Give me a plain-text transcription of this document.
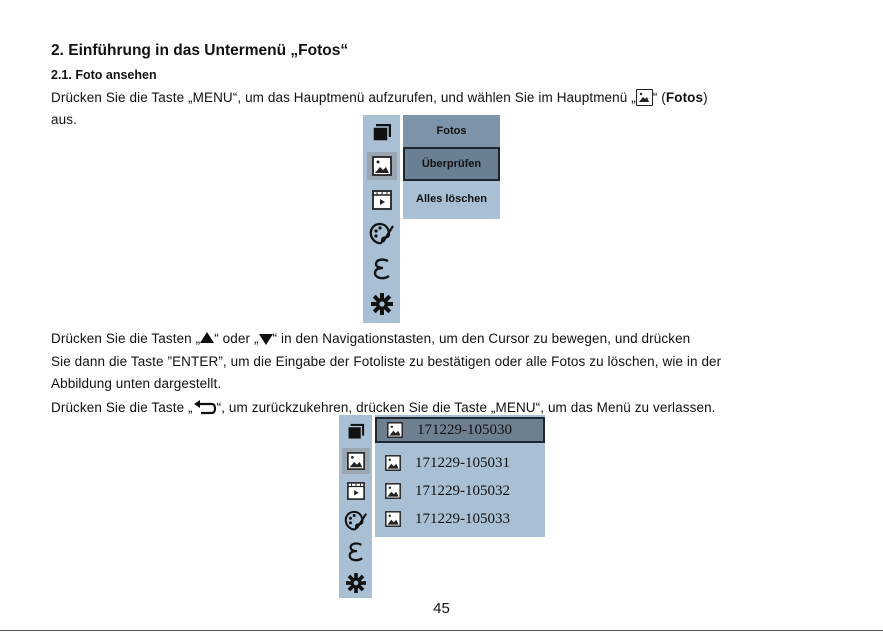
2. Einführung in das Untermenü „Fotos“
2.1. Foto ansehen
Drücken Sie die Taste „MENU“, um das Hauptmenü aufzurufen, und wählen Sie im Hauptmenü „ “ (Fotos)
aus.
Fotos
Überprüfen
Alles löschen
Drücken Sie die Tasten „ “ oder „ “ in den Navigationstasten, um den Cursor zu bewegen, und drücken
Sie dann die Taste ”ENTER”, um die Eingabe der Fotoliste zu bestätigen oder alle Fotos zu löschen, wie in der
Abbildung unten dargestellt.
Drücken Sie die Taste „ “, um zurückzukehren, drücken Sie die Taste „MENU“, um das Menü zu verlassen.
171229-105030
171229-105031
171229-105032
171229-105033
45
